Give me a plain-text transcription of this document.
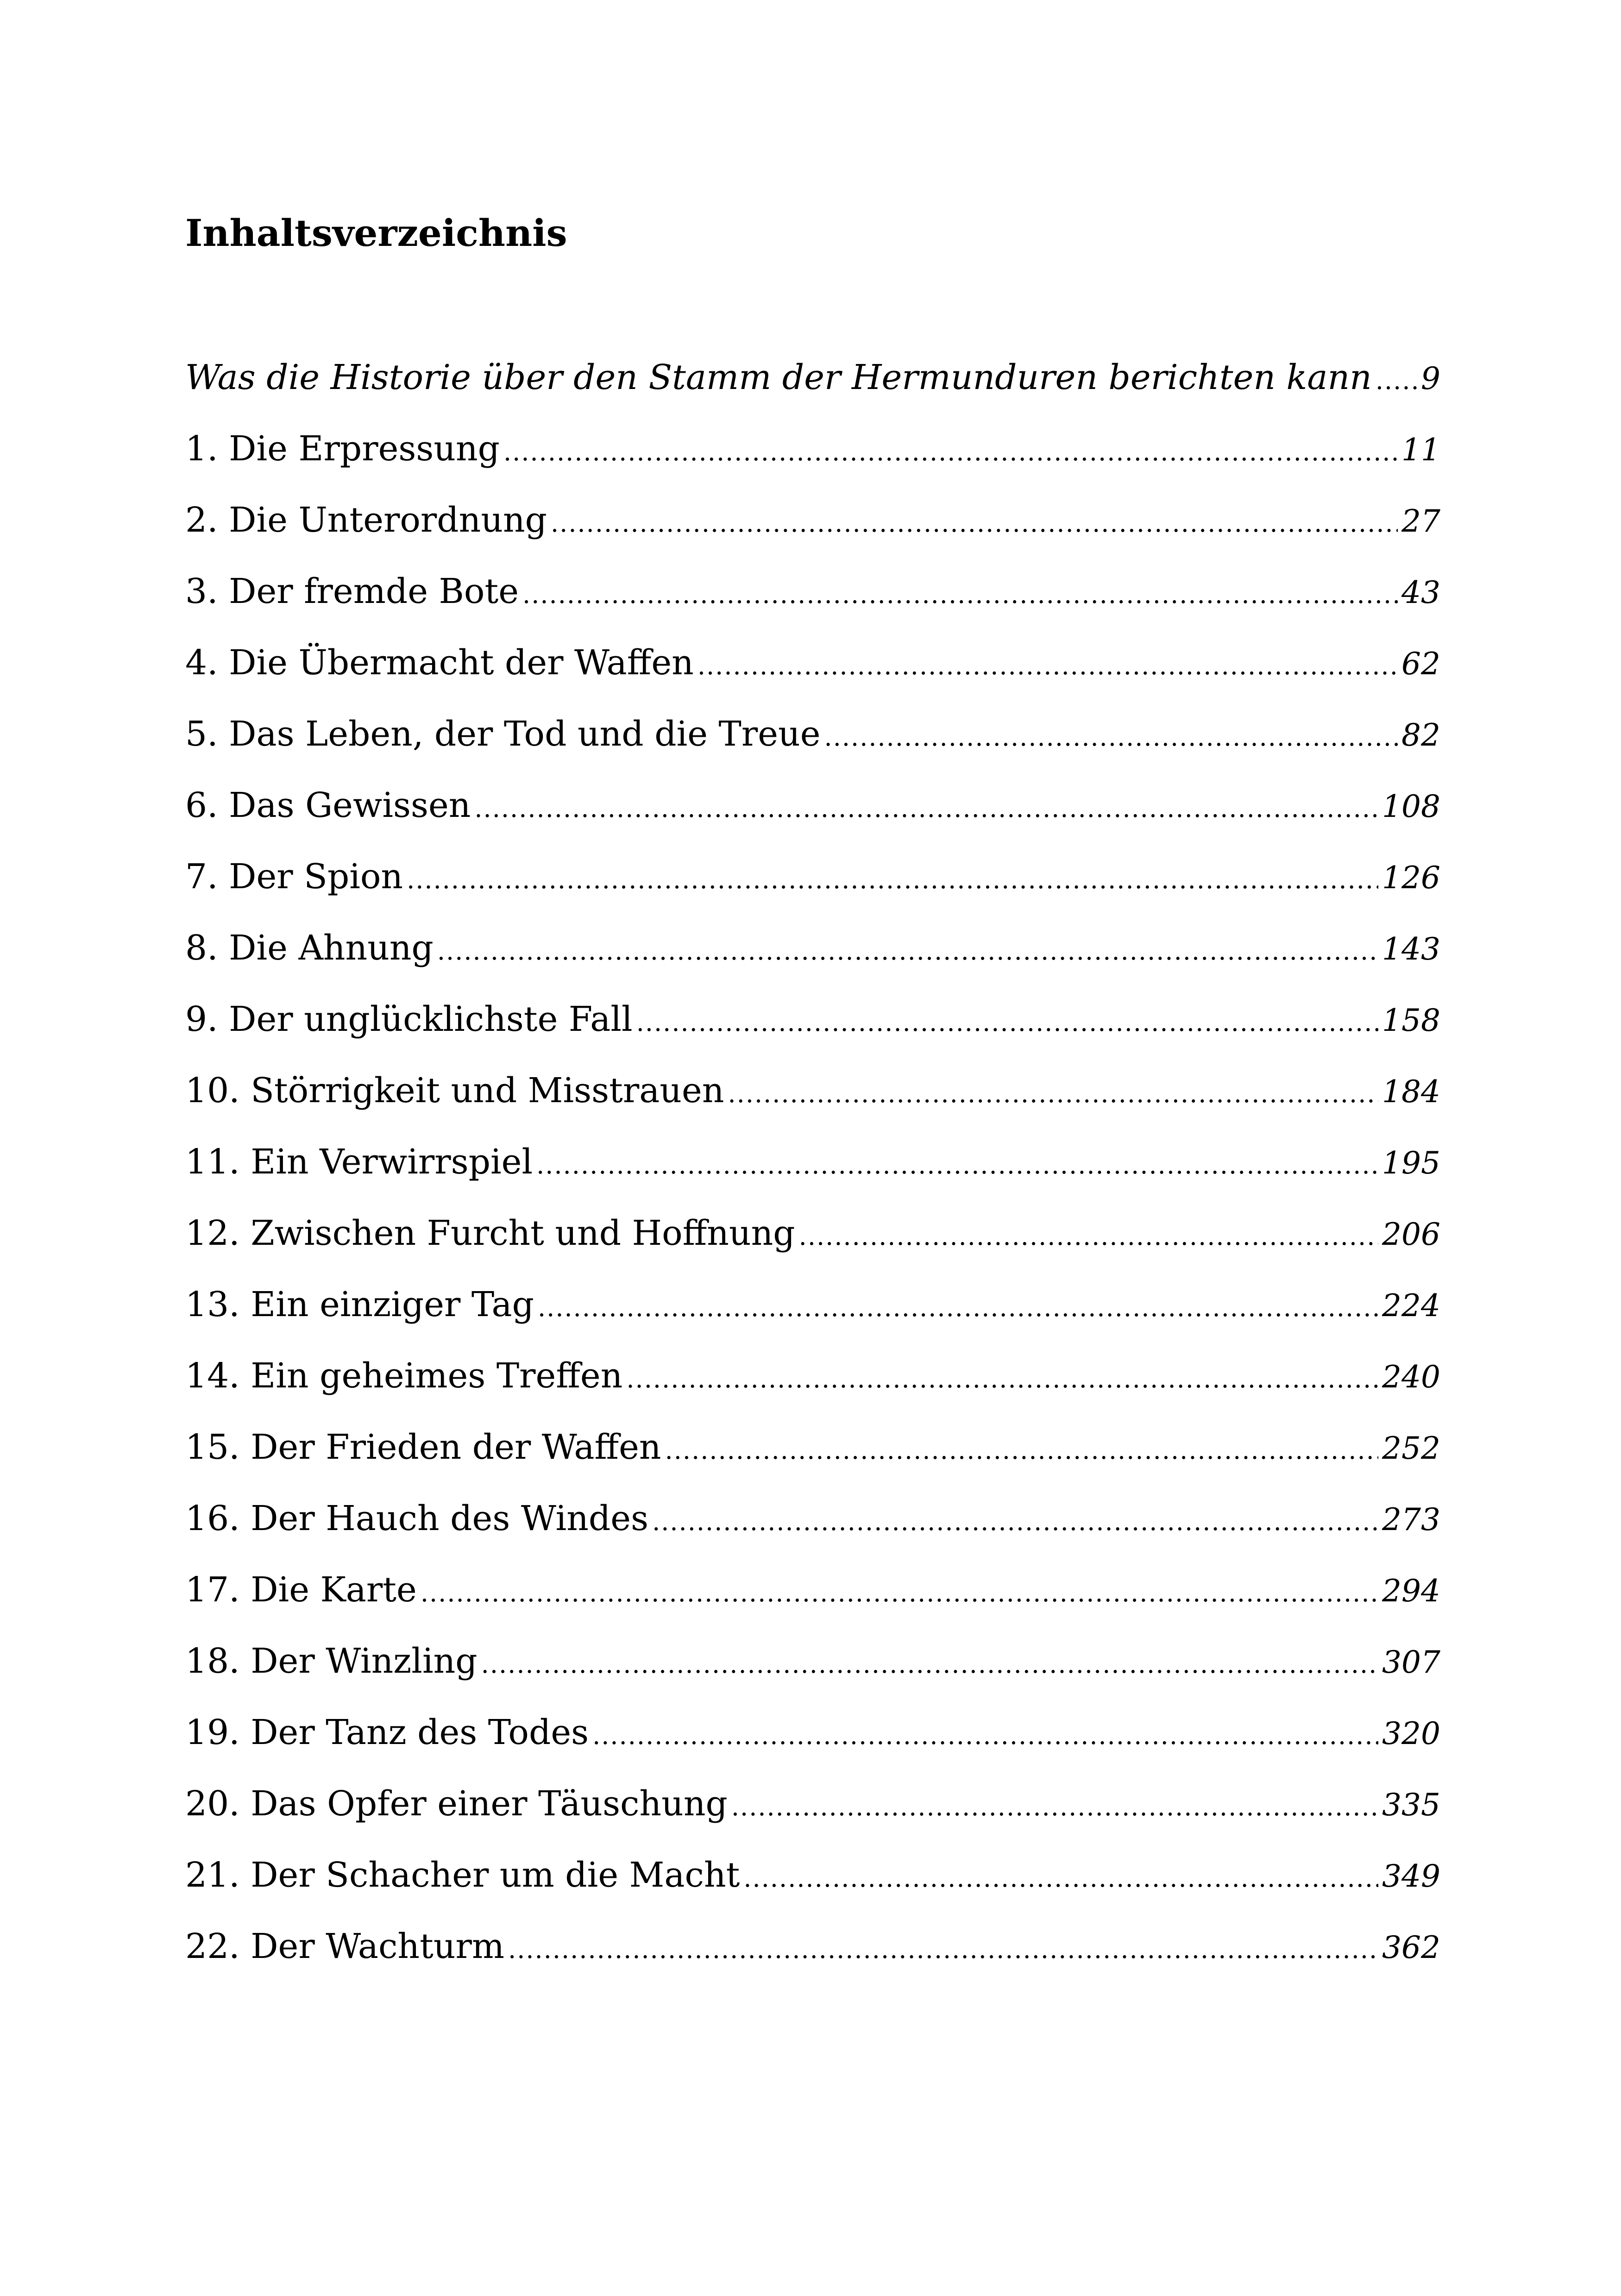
Inhaltsverzeichnis
Was die Historie über den Stamm der Hermunduren berichten kann ..... 9
1. Die Erpressung .....	11
2. Die Unterordnung .....	27
3. Der fremde Bote .....	43
4. Die Übermacht der Waffen .....	62
5. Das Leben, der Tod und die Treue .....	82
6. Das Gewissen .....	108
7. Der Spion .....	126
8. Die Ahnung .....	143
9. Der unglücklichste Fall .....	158
10. Störrigkeit und Misstrauen .....	184
11. Ein Verwirrspiel .....	195
12. Zwischen Furcht und Hoffnung .....	206
13. Ein einziger Tag .....	224
14. Ein geheimes Treffen .....	240
15. Der Frieden der Waffen .....	252
16. Der Hauch des Windes .....	273
17. Die Karte .....	294
18. Der Winzling .....	307
19. Der Tanz des Todes .....	320
20. Das Opfer einer Täuschung .....	335
21. Der Schacher um die Macht .....	349
22. Der Wachturm .....	362
